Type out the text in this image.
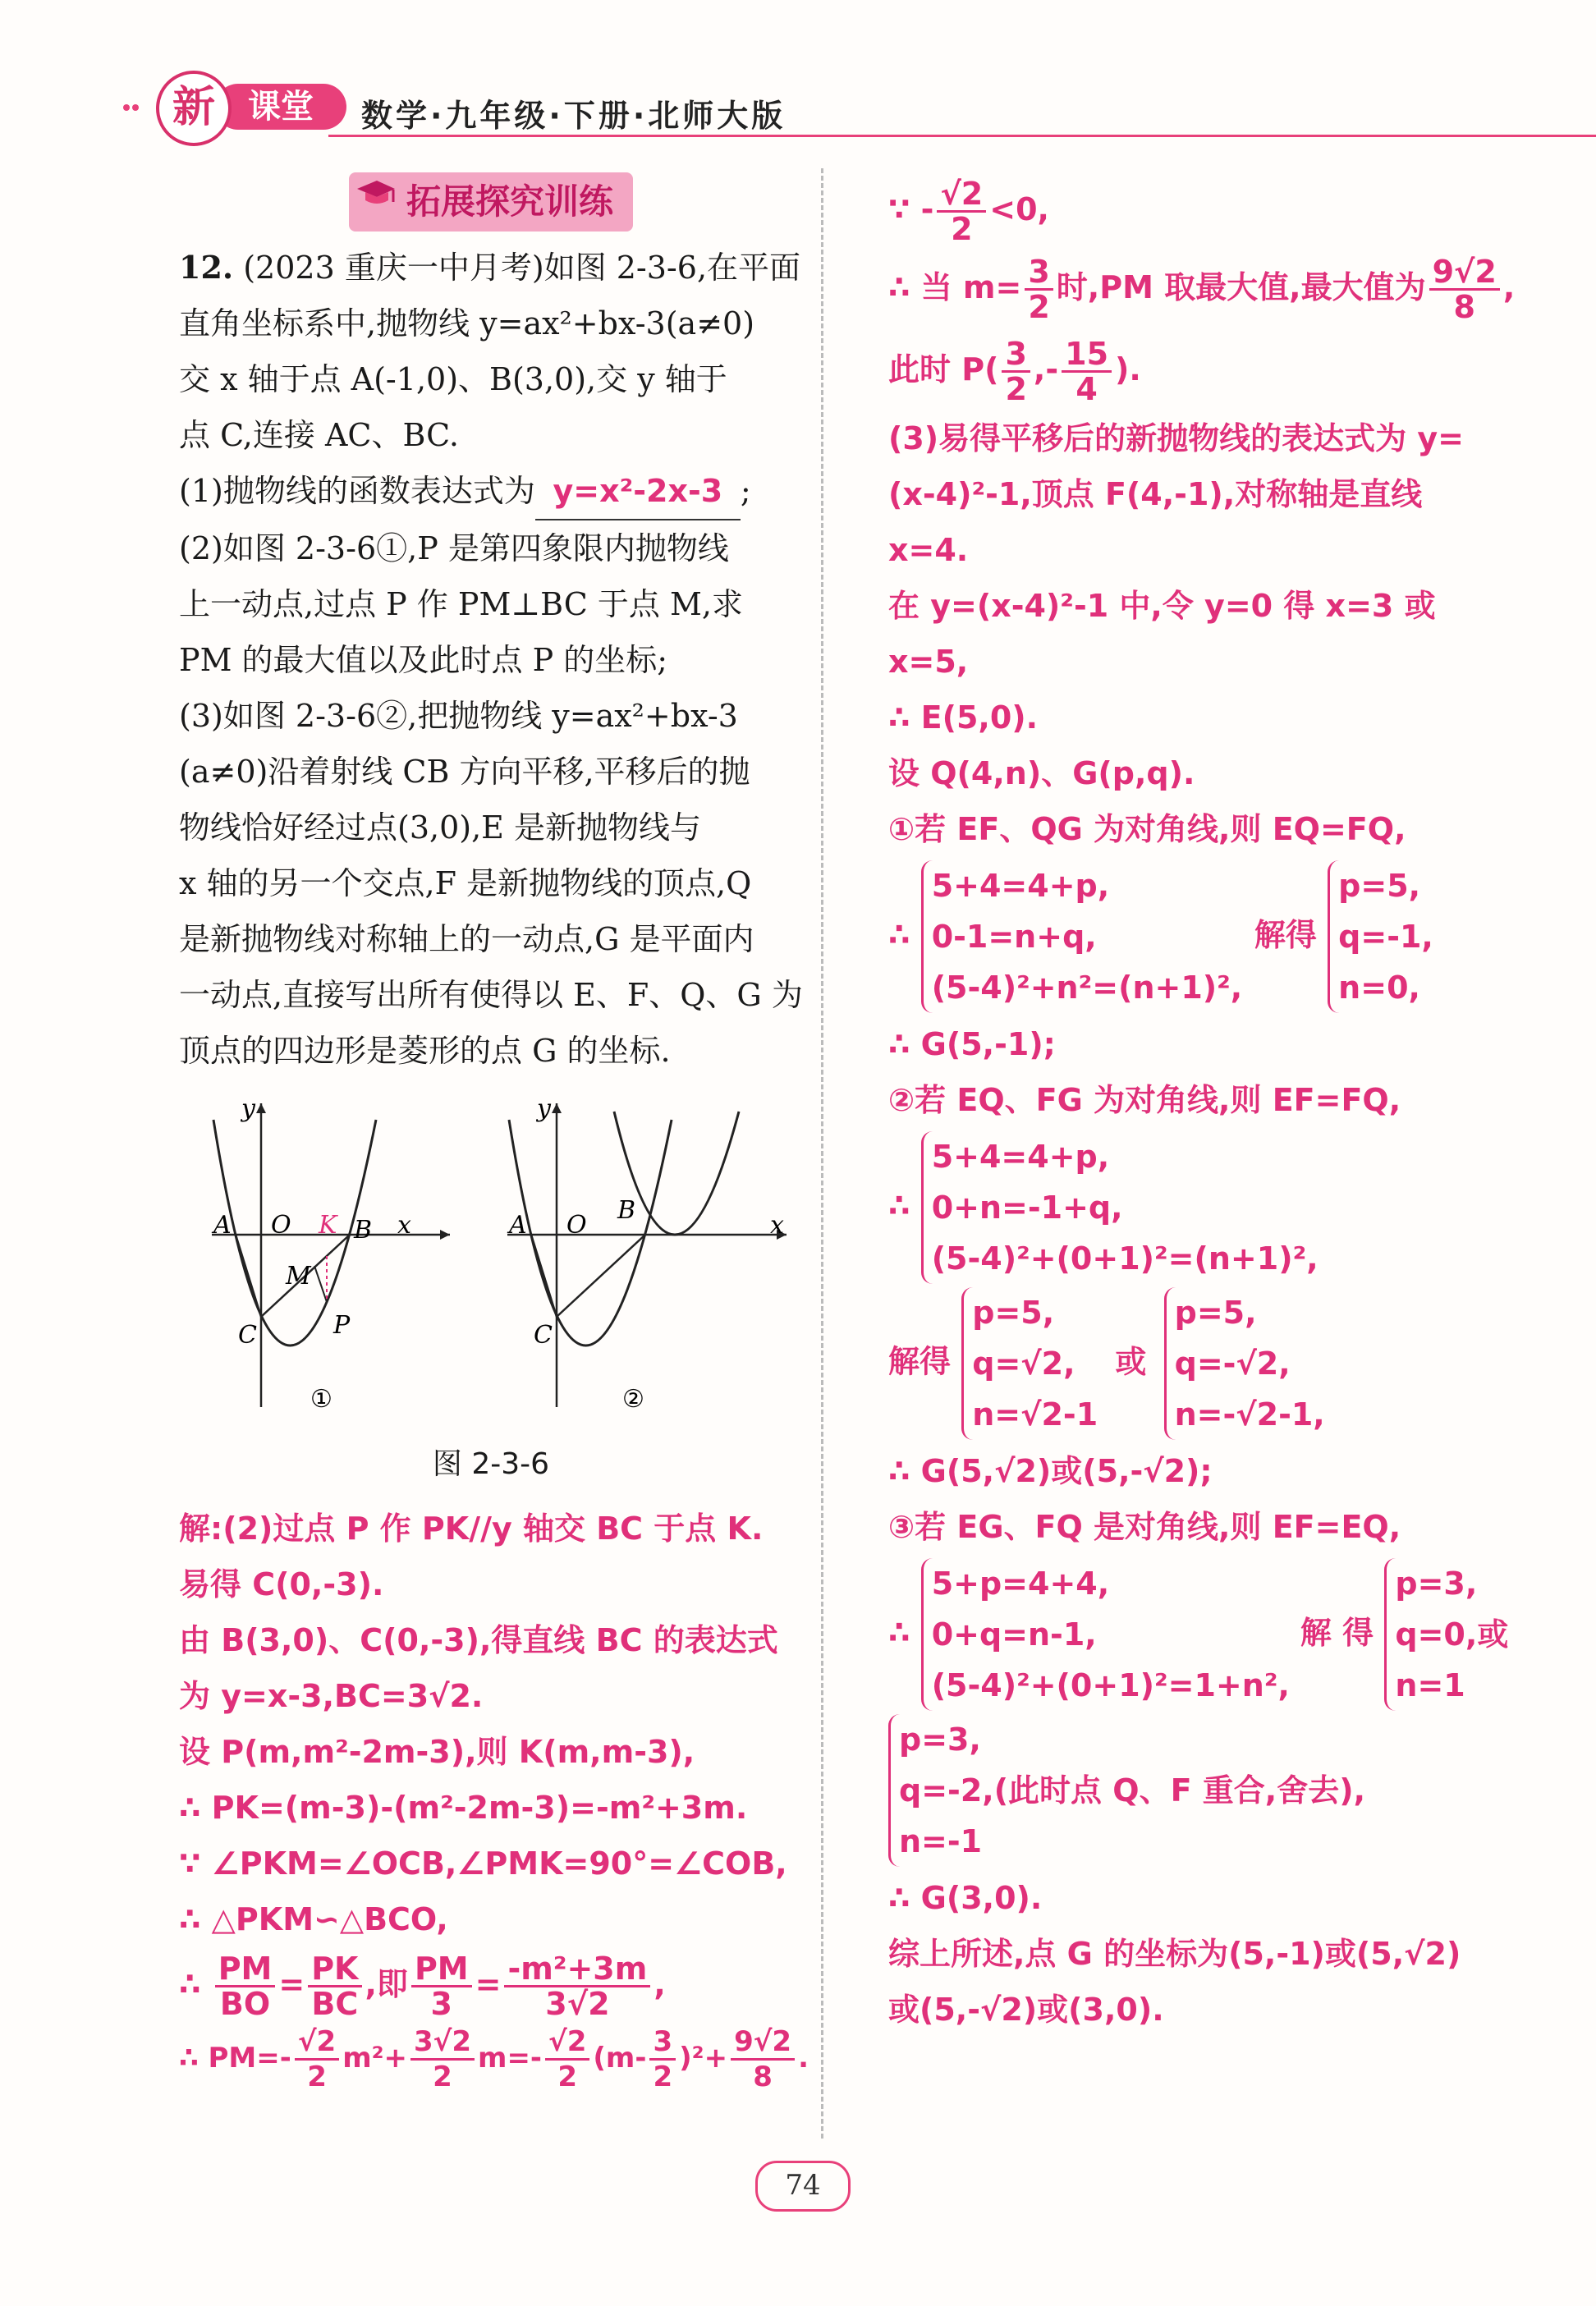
课堂
新	数学·九年级·下册·北师大版
拓展探究训练

12. (2023 重庆一中月考)如图 2-3-6,在平面

直角坐标系中,抛物线 y=ax²+bx-3(a≠0)

交 x 轴于点 A(-1,0)、B(3,0),交 y 轴于

点 C,连接 AC、BC.

(1)抛物线的函数表达式为 y=x²-2x-3 ;

(2)如图 2-3-6①,P 是第四象限内抛物线

上一动点,过点 P 作 PM⊥BC 于点 M,求

PM 的最大值以及此时点 P 的坐标;

(3)如图 2-3-6②,把抛物线 y=ax²+bx-3

(a≠0)沿着射线 CB 方向平移,平移后的抛

物线恰好经过点(3,0),E 是新抛物线与

x 轴的另一个交点,F 是新抛物线的顶点,Q

是新抛物线对称轴上的一动点,G 是平面内

一动点,直接写出所有使得以 E、F、Q、G 为

顶点的四边形是菱形的点 G 的坐标.

A O K B x
y
M
C	P
①
A O
B
x
y
C
②
图 2-3-6

解:(2)过点 P 作 PK//y 轴交 BC 于点 K.

易得 C(0,-3).

由 B(3,0)、C(0,-3),得直线 BC 的表达式

为 y=x-3,BC=3√2.

设 P(m,m²-2m-3),则 K(m,m-3),

∴ PK=(m-3)-(m²-2m-3)=-m²+3m.

∵ ∠PKM=∠OCB,∠PMK=90°=∠COB,

∴ △PKM∽△BCO,

∴ $\frac{PM}{BO} = \frac{PK}{BC}$ ,即 $\frac{PM}{3} = \frac{\text{-m²+3m}}{3√2}$ ,

∴ $PM=- \frac{√2}{2} m^2+ \frac{3√2}{2} m=- \frac{√2}{2} (m- \frac{3}{2} )^2+ \frac{9√2}{8}$ .

∵ - $\frac{√2}{2} <0$,

∴ 当 $m= \frac{3}{2}$ 时,PM 取最大值,最大值为 $\frac{9√2}{8}$ ,

此时 $P( \frac{3}{2}$ ,- $\frac{15}{4}$ ).

(3)易得平移后的新抛物线的表达式为 y=

(x-4)²-1,顶点 F(4,-1),对称轴是直线 x=4.

在 y=(x-4)²-1 中,令 y=0 得 x=3 或 x=5,

∴ E(5,0).

设 Q(4,n)、G(p,q).

①若 EF、QG 为对角线,则 EQ=FQ,

∴ 5+4=4+p,
0-1=n+q,
(5-4)²+n²=(n+1)², 解得 p=5,
q=-1,
n=0,

∴ G(5,-1);

②若 EQ、FG 为对角线,则 EF=FQ,

∴ 5+4=4+p,
0+n=-1+q,
(5-4)²+(0+1)²=(n+1)²,
解得 p=5,
q=√2,
n=√2-1 或 p=5,
q=-√2,
n=-√2-1,

∴ G(5,√2)或(5,-√2);

③若 EG、FQ 是对角线,则 EF=EQ,

∴ 5+p=4+4,
0+q=n-1,
(5-4)²+(0+1)²=1+n², 解 得 p=3,
q=0,或
n=1
p=3,
q=-2,(此时点 Q、F 重合,舍去),
n=-1

∴ G(3,0).

综上所述,点 G 的坐标为(5,-1)或(5,√2)

或(5,-√2)或(3,0).

74
